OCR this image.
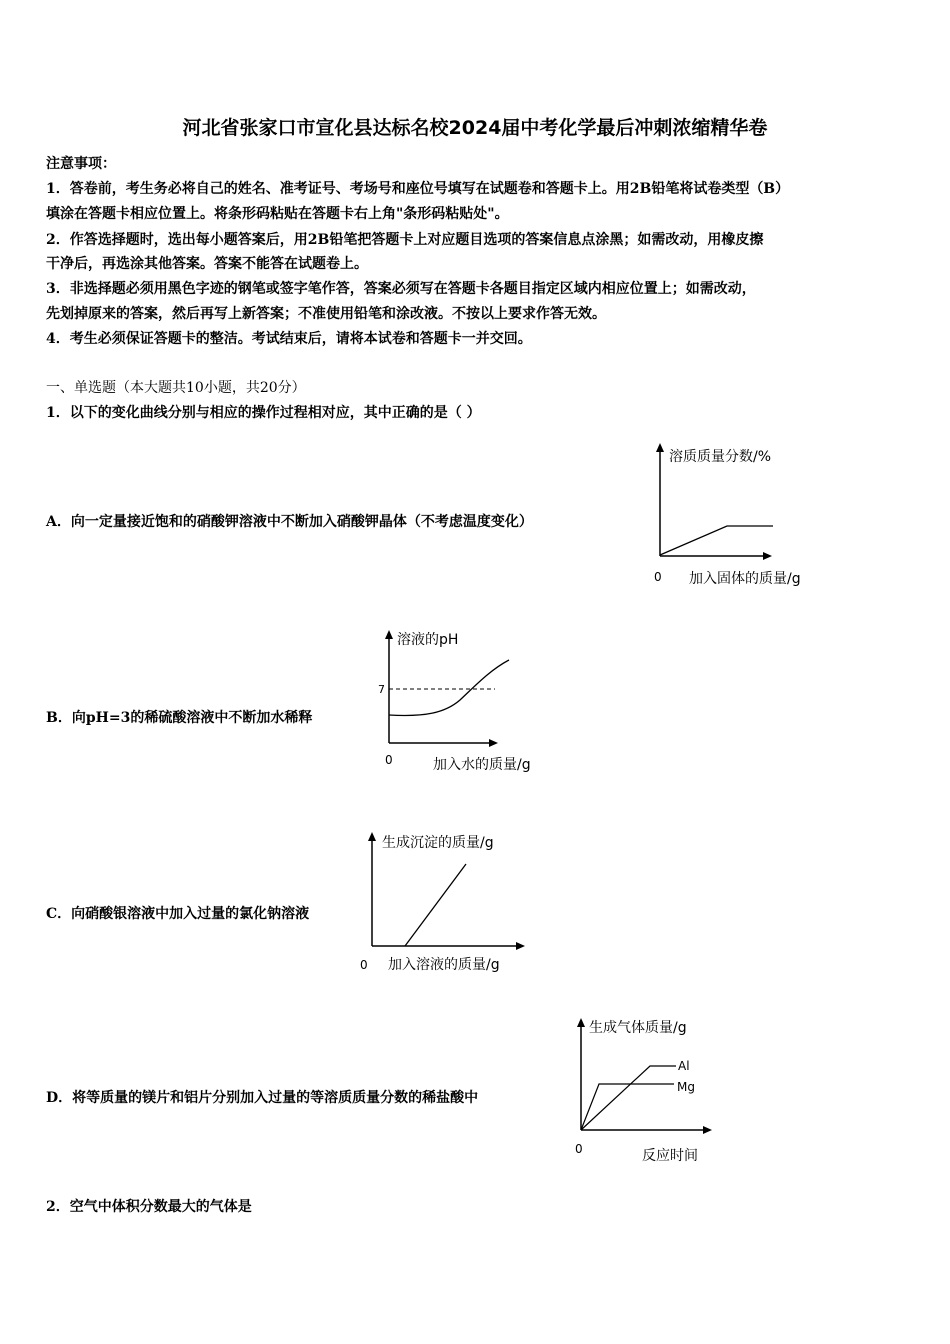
河北省张家口市宣化县达标名校2024届中考化学最后冲刺浓缩精华卷
注意事项：
1．答卷前，考生务必将自己的姓名、准考证号、考场号和座位号填写在试题卷和答题卡上。用2B铅笔将试卷类型（B）
填涂在答题卡相应位置上。将条形码粘贴在答题卡右上角"条形码粘贴处"。
2．作答选择题时，选出每小题答案后，用2B铅笔把答题卡上对应题目选项的答案信息点涂黑；如需改动，用橡皮擦
干净后，再选涂其他答案。答案不能答在试题卷上。
3．非选择题必须用黑色字迹的钢笔或签字笔作答，答案必须写在答题卡各题目指定区域内相应位置上；如需改动，
先划掉原来的答案，然后再写上新答案；不准使用铅笔和涂改液。不按以上要求作答无效。
4．考生必须保证答题卡的整洁。考试结束后，请将本试卷和答题卡一并交回。
一、单选题（本大题共10小题，共20分）
1．以下的变化曲线分别与相应的操作过程相对应，其中正确的是（ ）
A．向一定量接近饱和的硝酸钾溶液中不断加入硝酸钾晶体（不考虑温度变化）
B．向pH=3的稀硫酸溶液中不断加水稀释
C．向硝酸银溶液中加入过量的氯化钠溶液
D．将等质量的镁片和铝片分别加入过量的等溶质质量分数的稀盐酸中
溶质质量分数/%
0 加入固体的质量/g
7
溶液的pH
0	加入水的质量/g
生成沉淀的质量/g
0 加入溶液的质量/g
Al
Mg
生成气体质量/g
0	反应时间
2．空气中体积分数最大的气体是
